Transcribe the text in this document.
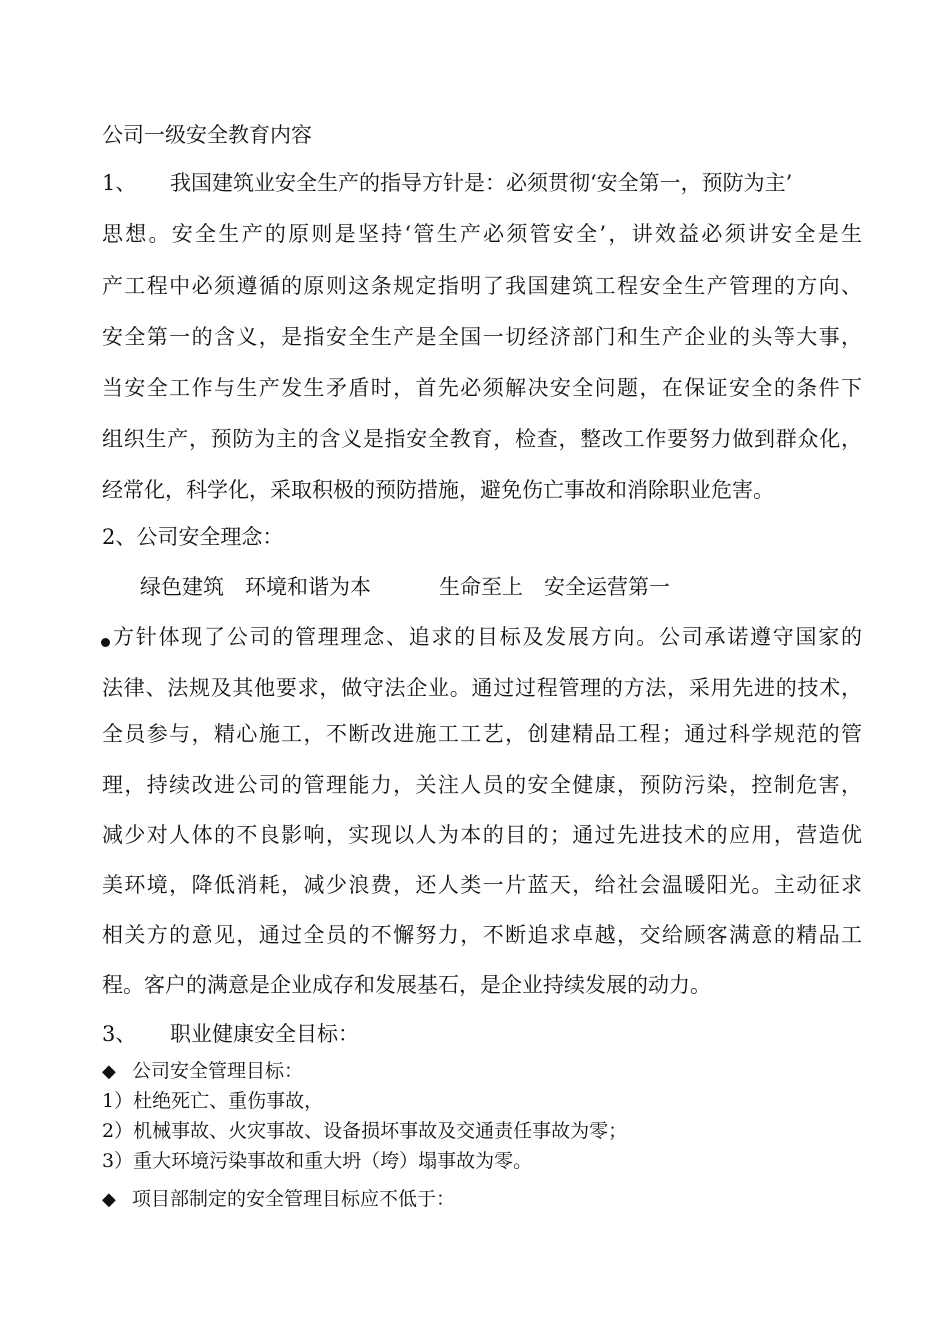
公司一级安全教育内容
1、 我国建筑业安全生产的指导方针是：必须贯彻‘安全第一，预防为主’
思想。安全生产的原则是坚持‘管生产必须管安全’，讲效益必须讲安全是生
产工程中必须遵循的原则这条规定指明了我国建筑工程安全生产管理的方向、
安全第一的含义，是指安全生产是全国一切经济部门和生产企业的头等大事，
当安全工作与生产发生矛盾时，首先必须解决安全问题，在保证安全的条件下
组织生产，预防为主的含义是指安全教育，检查，整改工作要努力做到群众化，
经常化，科学化，采取积极的预防措施，避免伤亡事故和消除职业危害。
2、公司安全理念：
绿色建筑　环境和谐为本	生命至上　安全运营第一
方针体现了公司的管理理念、追求的目标及发展方向。公司承诺遵守国家的
法律、法规及其他要求，做守法企业。通过过程管理的方法，采用先进的技术，
全员参与，精心施工，不断改进施工工艺，创建精品工程；通过科学规范的管
理，持续改进公司的管理能力，关注人员的安全健康，预防污染，控制危害，
减少对人体的不良影响，实现以人为本的目的；通过先进技术的应用，营造优
美环境，降低消耗，减少浪费，还人类一片蓝天，给社会温暖阳光。主动征求
相关方的意见，通过全员的不懈努力，不断追求卓越，交给顾客满意的精品工
程。客户的满意是企业成存和发展基石，是企业持续发展的动力。
3、 职业健康安全目标：
◆ 公司安全管理目标：
1）杜绝死亡、重伤事故，
2）机械事故、火灾事故、设备损坏事故及交通责任事故为零；
3）重大环境污染事故和重大坍（垮）塌事故为零。
◆ 项目部制定的安全管理目标应不低于：
